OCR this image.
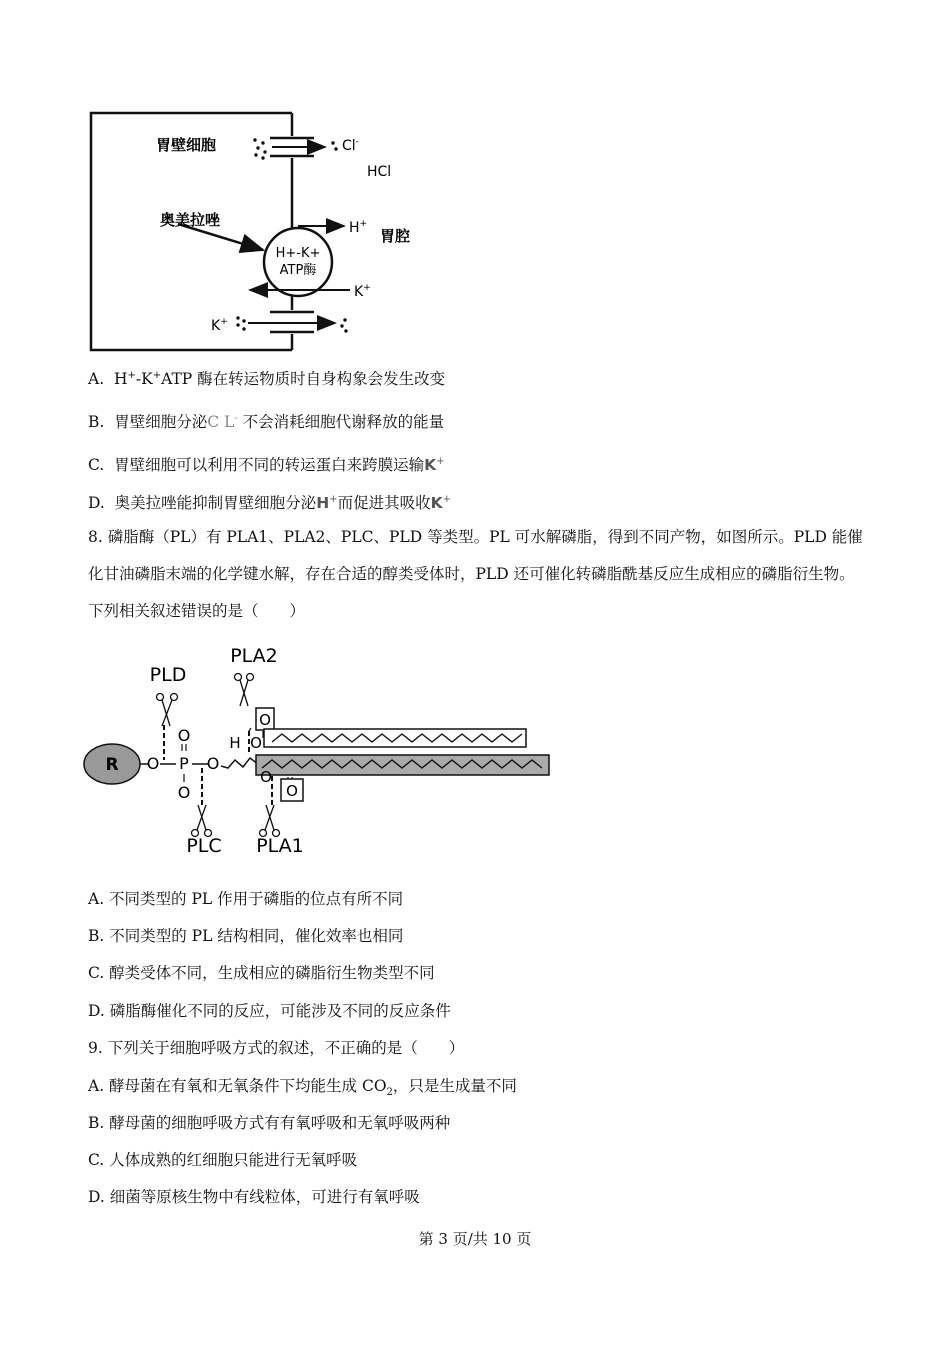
胃壁细胞	Cl-
HCl
奥美拉唑	H+
胃腔
H+-K+
ATP酶
K+
K+
A. H+-K+ATP 酶在转运物质时自身构象会发生改变
B. 胃壁细胞分泌C L- 不会消耗细胞代谢释放的能量
C. 胃壁细胞可以利用不同的转运蛋白来跨膜运输K+
D. 奥美拉唑能抑制胃壁细胞分泌H+而促进其吸收K+
8. 磷脂酶（PL）有 PLA1、PLA2、PLC、PLD 等类型。PL 可水解磷脂，得到不同产物，如图所示。PLD 能催化甘油磷脂末端的化学键水解，存在合适的醇类受体时，PLD 还可催化转磷脂酰基反应生成相应的磷脂衍生物。下列相关叙述错误的是（　　）
R O P
O
O
O
H
PLD
PLC
O
O
PLA2
O
O
PLA1
A. 不同类型的 PL 作用于磷脂的位点有所不同
B. 不同类型的 PL 结构相同，催化效率也相同
C. 醇类受体不同，生成相应的磷脂衍生物类型不同
D. 磷脂酶催化不同的反应，可能涉及不同的反应条件
9. 下列关于细胞呼吸方式的叙述，不正确的是（　　）
A. 酵母菌在有氧和无氧条件下均能生成 $CO_2$，只是生成量不同
B. 酵母菌的细胞呼吸方式有有氧呼吸和无氧呼吸两种
C. 人体成熟的红细胞只能进行无氧呼吸
D. 细菌等原核生物中有线粒体，可进行有氧呼吸
第 3 页/共 10 页
